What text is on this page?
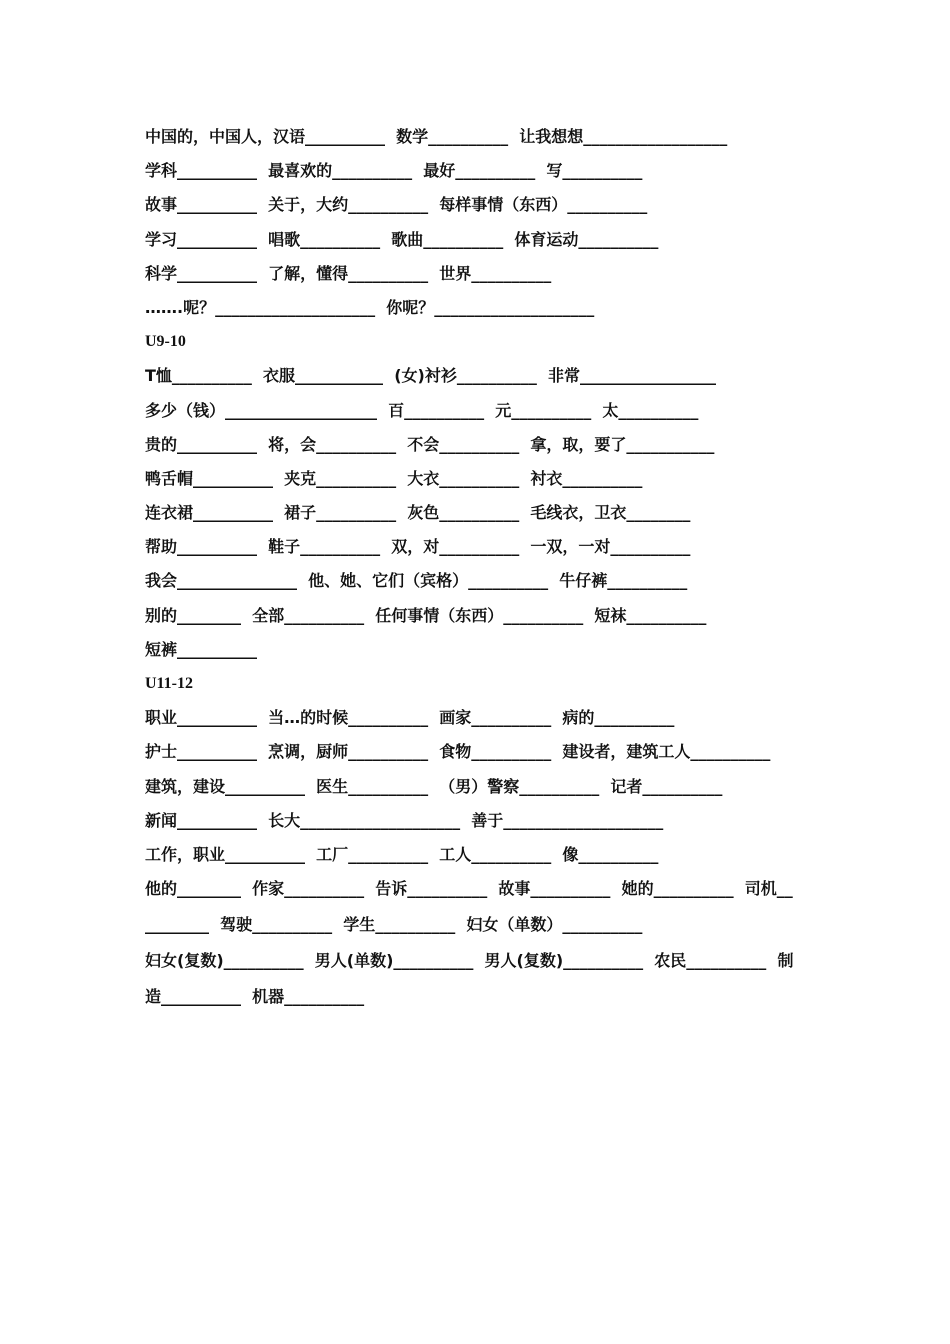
中国的，中国人，汉语__________  数学__________  让我想想__________________
学科__________  最喜欢的__________  最好__________  写__________
故事__________  关于，大约__________  每样事情（东西）__________
学习__________  唱歌__________  歌曲__________  体育运动__________
科学__________  了解，懂得__________  世界__________
…….呢？____________________  你呢？____________________
U9-10
T恤__________  衣服___________  (女)衬衫__________  非常_________________
多少（钱）___________________  百__________  元__________  太__________
贵的__________  将，会__________  不会__________  拿，取，要了___________
鸭舌帽__________  夹克__________  大衣__________  衬衣__________
连衣裙__________  裙子__________  灰色__________  毛线衣，卫衣________
帮助__________  鞋子__________  双，对__________  一双，一对__________
我会_______________  他、她、它们（宾格）__________  牛仔裤__________
别的________  全部__________  任何事情（东西）__________  短袜__________
短裤__________
U11-12
职业__________  当…的时候__________  画家__________  病的__________
护士__________  烹调，厨师__________  食物__________  建设者，建筑工人__________
建筑，建设__________  医生__________  （男）警察__________  记者__________
新闻__________  长大____________________  善于____________________
工作，职业__________  工厂__________  工人__________  像__________
他的________  作家__________  告诉__________  故事__________  她的__________  司机__
________  驾驶__________  学生__________  妇女（单数）__________
妇女(复数)__________  男人(单数)__________  男人(复数)__________  农民__________  制
造__________  机器__________
